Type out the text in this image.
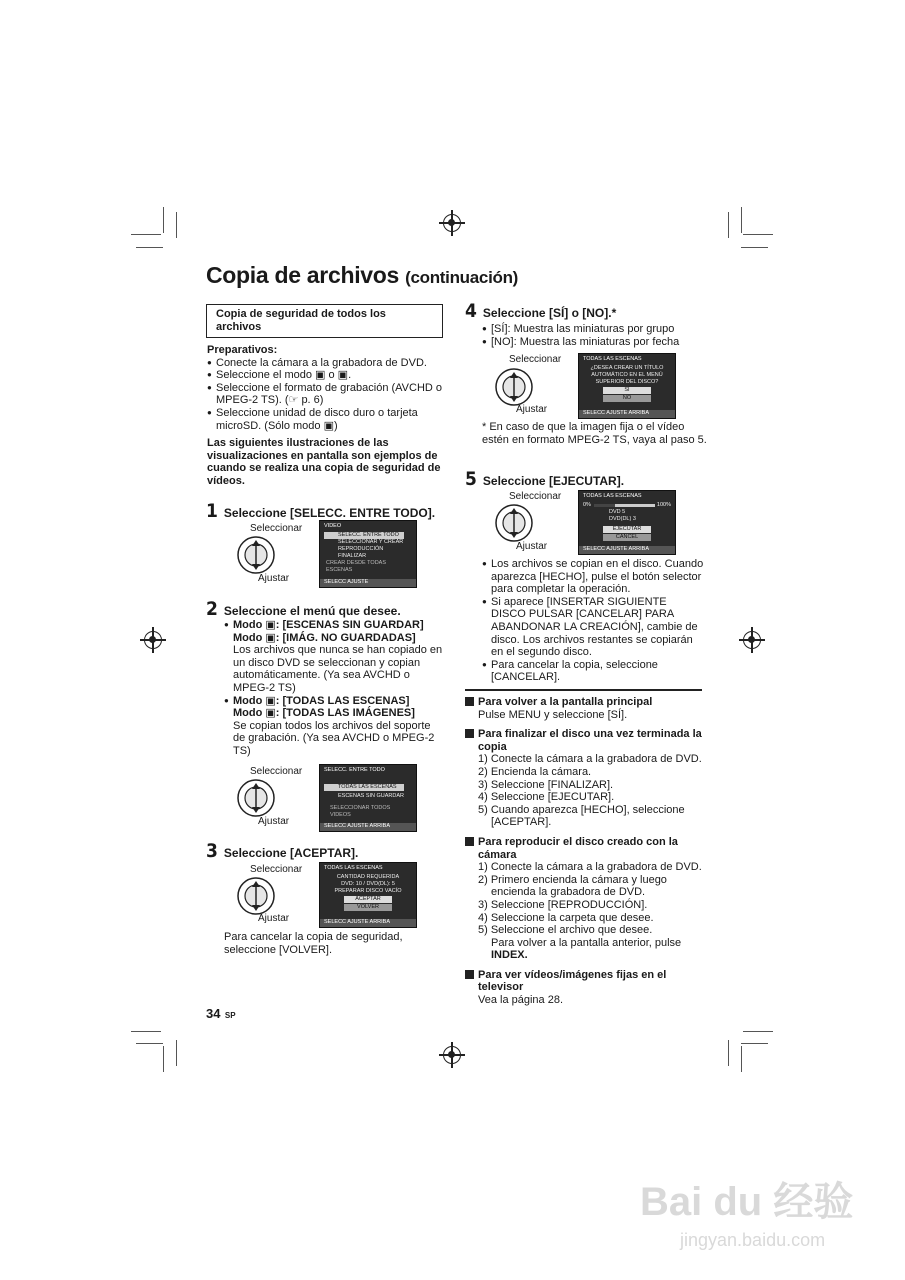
Copia de archivos (continuación)
Copia de seguridad de todos los archivos
Preparativos:
● Conecte la cámara a la grabadora de DVD.
● Seleccione el modo ▣ o ▣.
● Seleccione el formato de grabación (AVCHD o MPEG-2 TS). (☞ p. 6)
● Seleccione unidad de disco duro o tarjeta microSD. (Sólo modo ▣)
Las siguientes ilustraciones de las visualizaciones en pantalla son ejemplos de cuando se realiza una copia de seguridad de vídeos.
1 Seleccione [SELECC. ENTRE TODO].
Seleccionar
Ajustar
VIDEO
SELECC. ENTRE TODO
SELECCIONAR Y CREAR
REPRODUCCIÓN
FINALIZAR
CREAR DESDE TODAS ESCENAS
SELECC AJUSTE
2 Seleccione el menú que desee.
● Modo ▣: [ESCENAS SIN GUARDAR]
Modo ▣: [IMÁG. NO GUARDADAS]
Los archivos que nunca se han copiado en un disco DVD se seleccionan y copian automáticamente. (Ya sea AVCHD o MPEG-2 TS)
● Modo ▣: [TODAS LAS ESCENAS]
Modo ▣: [TODAS LAS IMÁGENES]
Se copian todos los archivos del soporte de grabación. (Ya sea AVCHD o MPEG-2 TS)
Seleccionar
Ajustar
SELECC. ENTRE TODO
TODAS LAS ESCENAS
ESCENAS SIN GUARDAR
SELECCIONAR TODOS VIDEOS
SELECC AJUSTE ARRIBA
3 Seleccione [ACEPTAR].
Seleccionar
Ajustar
TODAS LAS ESCENAS
CANTIDAD REQUERIDA
DVD: 10 / DVD(DL): 5
PREPARAR DISCO VACÍO
ACEPTAR
VOLVER
SELECC AJUSTE ARRIBA
Para cancelar la copia de seguridad, seleccione [VOLVER].
34 SP
4 Seleccione [SÍ] o [NO].*
● [SÍ]: Muestra las miniaturas por grupo
● [NO]: Muestra las miniaturas por fecha
Seleccionar
Ajustar
TODAS LAS ESCENAS
¿DESEA CREAR UN TÍTULO
AUTOMÁTICO EN EL MENÚ
SUPERIOR DEL DISCO?
SÍ
NO
SELECC AJUSTE ARRIBA
* En caso de que la imagen fija o el vídeo estén en formato MPEG-2 TS, vaya al paso 5.
5 Seleccione [EJECUTAR].
Seleccionar
Ajustar
TODAS LAS ESCENAS
0%	100%
DVD 5
DVD(DL) 3
EJECUTAR
CANCEL
SELECC AJUSTE ARRIBA
● Los archivos se copian en el disco. Cuando aparezca [HECHO], pulse el botón selector para completar la operación.
● Si aparece [INSERTAR SIGUIENTE DISCO PULSAR [CANCELAR] PARA ABANDONAR LA CREACIÓN], cambie de disco. Los archivos restantes se copiarán en el segundo disco.
● Para cancelar la copia, seleccione [CANCELAR].
Para volver a la pantalla principal
Pulse MENU y seleccione [SÍ].
Para finalizar el disco una vez terminada la copia
1) Conecte la cámara a la grabadora de DVD.
2) Encienda la cámara.
3) Seleccione [FINALIZAR].
4) Seleccione [EJECUTAR].
5) Cuando aparezca [HECHO], seleccione
[ACEPTAR].
Para reproducir el disco creado con la cámara
1) Conecte la cámara a la grabadora de DVD.
2) Primero encienda la cámara y luego
encienda la grabadora de DVD.
3) Seleccione [REPRODUCCIÓN].
4) Seleccione la carpeta que desee.
5) Seleccione el archivo que desee.
Para volver a la pantalla anterior, pulse
INDEX.
Para ver vídeos/imágenes fijas en el televisor
Vea la página 28.
Bai du 经验
jingyan.baidu.com
